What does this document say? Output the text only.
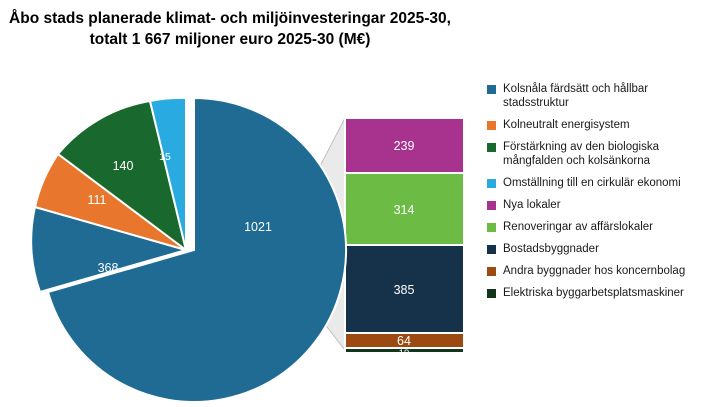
Åbo stads planerade klimat- och miljöinvesteringar 2025-30,
totalt 1 667 miljoner euro 2025-30 (M€)
239
314
385
64
19
1021
368
111
140
15
Kolsnåla färdsätt och hållbar stadsstruktur
Kolneutralt energisystem
Förstärkning av den biologiska mångfalden och kolsänkorna
Omställning till en cirkulär ekonomi
Nya lokaler
Renoveringar av affärslokaler
Bostadsbyggnader
Andra byggnader hos koncernbolag
Elektriska byggarbetsplatsmaskiner
